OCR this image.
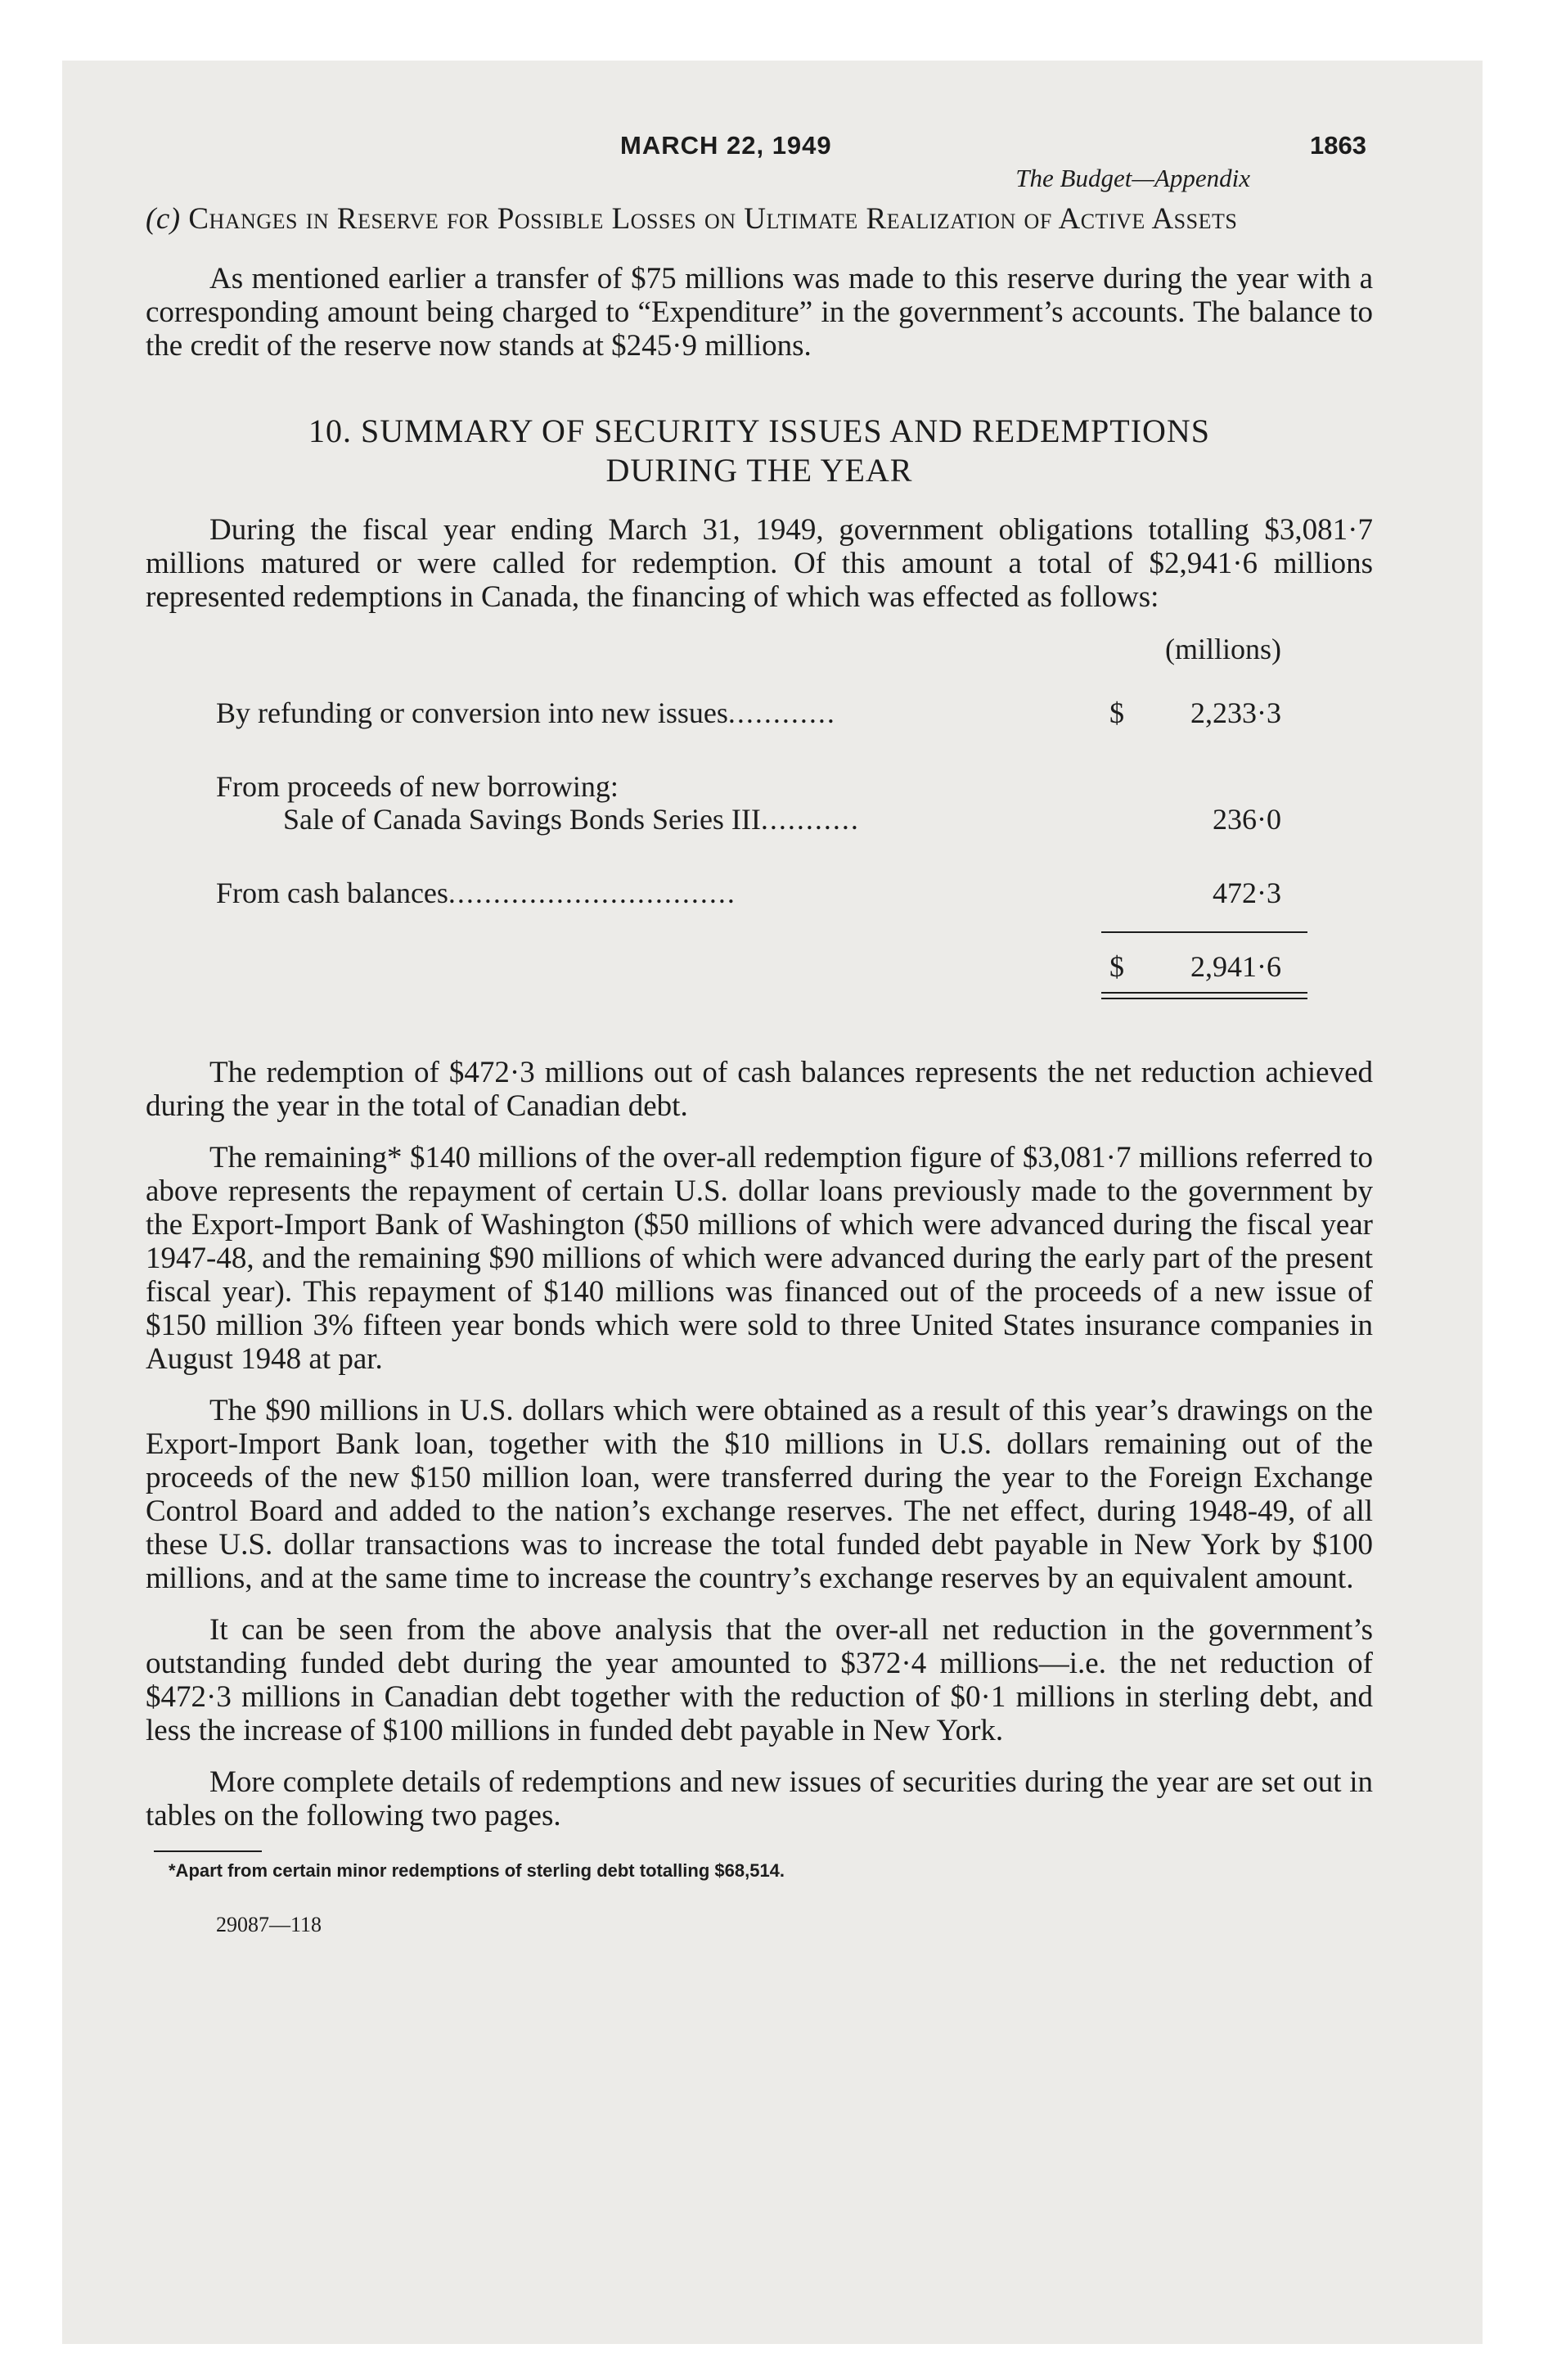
MARCH 22, 1949	1863
The Budget—Appendix
(c) Changes in Reserve for Possible Losses on Ultimate Realization of Active Assets

As mentioned earlier a transfer of $75 millions was made to this reserve during the year with a corresponding amount being charged to “Expenditure” in the government’s accounts. The balance to the credit of the reserve now stands at $245·9 millions.

10. SUMMARY OF SECURITY ISSUES AND REDEMPTIONS
DURING THE YEAR

During the fiscal year ending March 31, 1949, government obligations totalling $3,081·7 millions matured or were called for redemption. Of this amount a total of $2,941·6 millions represented redemptions in Canada, the financing of which was effected as follows:

(millions)
By refunding or conversion into new issues............	$ 2,233·3
From proceeds of new borrowing:
Sale of Canada Savings Bonds Series III...........	236·0
From cash balances................................	472·3
$ 2,941·6

The redemption of $472·3 millions out of cash balances represents the net reduction achieved during the year in the total of Canadian debt.

The remaining* $140 millions of the over-all redemption figure of $3,081·7 millions referred to above represents the repayment of certain U.S. dollar loans previously made to the government by the Export-Import Bank of Washington ($50 millions of which were advanced during the fiscal year 1947-48, and the remaining $90 millions of which were advanced during the early part of the present fiscal year). This repayment of $140 millions was financed out of the proceeds of a new issue of $150 million 3% fifteen year bonds which were sold to three United States insurance companies in August 1948 at par.

The $90 millions in U.S. dollars which were obtained as a result of this year’s drawings on the Export-Import Bank loan, together with the $10 millions in U.S. dollars remaining out of the proceeds of the new $150 million loan, were transferred during the year to the Foreign Exchange Control Board and added to the nation’s exchange reserves. The net effect, during 1948-49, of all these U.S. dollar transactions was to increase the total funded debt payable in New York by $100 millions, and at the same time to increase the country’s exchange reserves by an equivalent amount.

It can be seen from the above analysis that the over-all net reduction in the government’s outstanding funded debt during the year amounted to $372·4 millions—i.e. the net reduction of $472·3 millions in Canadian debt together with the reduction of $0·1 millions in sterling debt, and less the increase of $100 millions in funded debt payable in New York.

More complete details of redemptions and new issues of securities during the year are set out in tables on the following two pages.

*Apart from certain minor redemptions of sterling debt totalling $68,514.
29087—118
